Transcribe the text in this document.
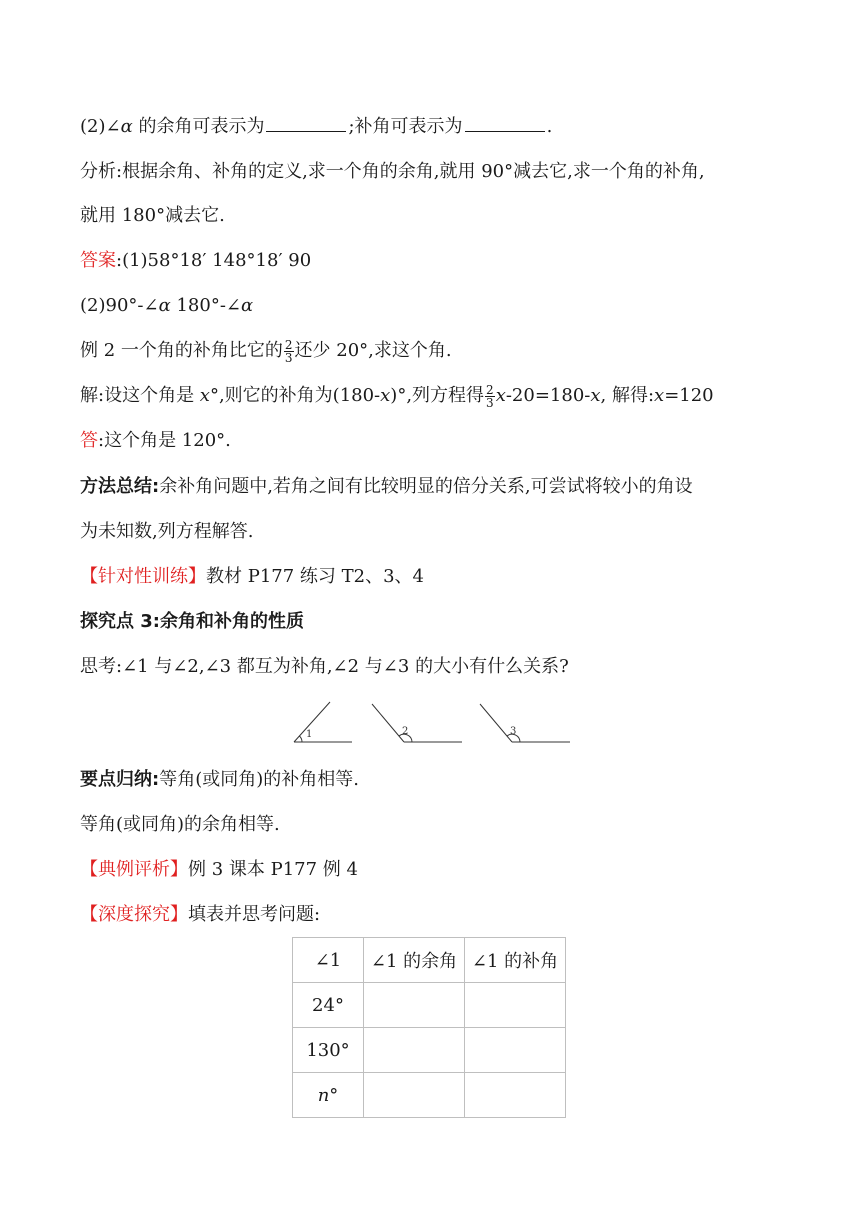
(2)∠α 的余角可表示为	;补角可表示为	.
分析:根据余角、补角的定义,求一个角的余角,就用 90°减去它,求一个角的补角,
就用 180°减去它.
答案:(1)58°18′ 148°18′ 90
(2)90°-∠α 180°-∠α
例 2 一个角的补角比它的 $\frac{2}{3}$ 还少 20°,求这个角.
解:设这个角是 x°,则它的补角为(180-x)°,列方程得 $\frac{2}{3} x-20=180-x$, 解得:x=120
答:这个角是 120°.
方法总结:余补角问题中,若角之间有比较明显的倍分关系,可尝试将较小的角设
为未知数,列方程解答.
【针对性训练】教材 P177 练习 T2、3、4
探究点 3:余角和补角的性质
思考:∠1 与∠2,∠3 都互为补角,∠2 与∠3 的大小有什么关系?
1	2	3
要点归纳:等角(或同角)的补角相等.
等角(或同角)的余角相等.
【典例评析】例 3 课本 P177 例 4
【深度探究】填表并思考问题:
∠1	∠1 的余角	∠1 的补角
24°		
130°		
n°		
